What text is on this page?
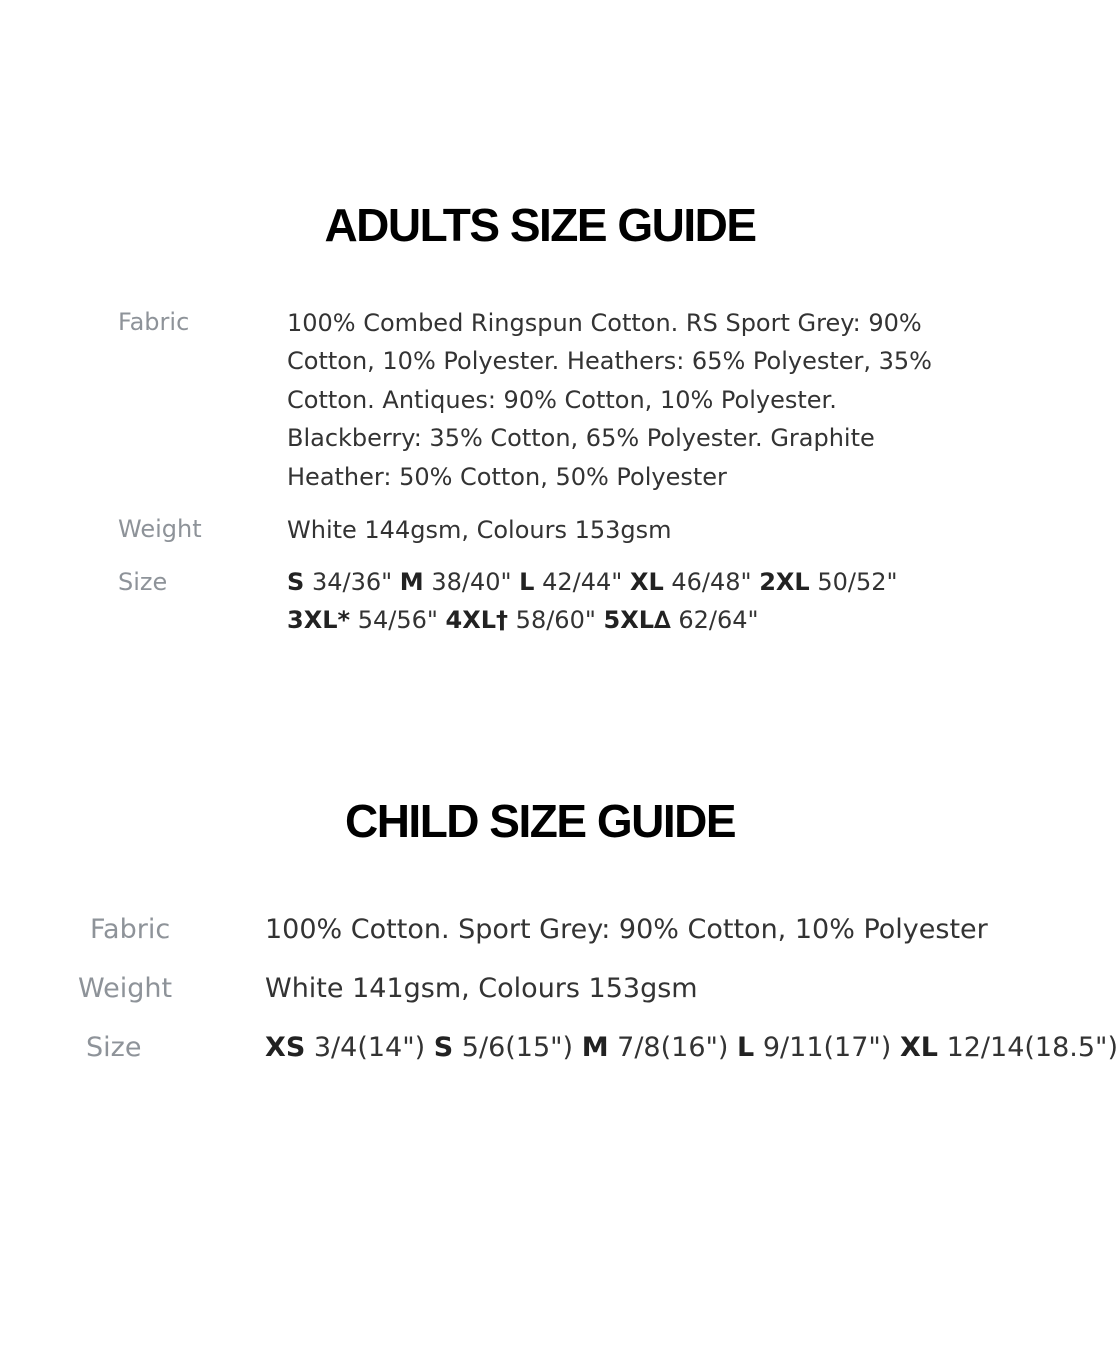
ADULTS SIZE GUIDE
Fabric	100% Combed Ringspun Cotton. RS Sport Grey: 90% Cotton, 10% Polyester. Heathers: 65% Polyester, 35% Cotton. Antiques: 90% Cotton, 10% Polyester. Blackberry: 35% Cotton, 65% Polyester. Graphite Heather: 50% Cotton, 50% Polyester
Weight	White 144gsm, Colours 153gsm
Size	S 34/36" M 38/40" L 42/44" XL 46/48" 2XL 50/52" 3XL* 54/56" 4XL† 58/60" 5XL∆ 62/64"
CHILD SIZE GUIDE
Fabric	100% Cotton. Sport Grey: 90% Cotton, 10% Polyester
Weight	White 141gsm, Colours 153gsm
Size	XS 3/4(14") S 5/6(15") M 7/8(16") L 9/11(17") XL 12/14(18.5")
